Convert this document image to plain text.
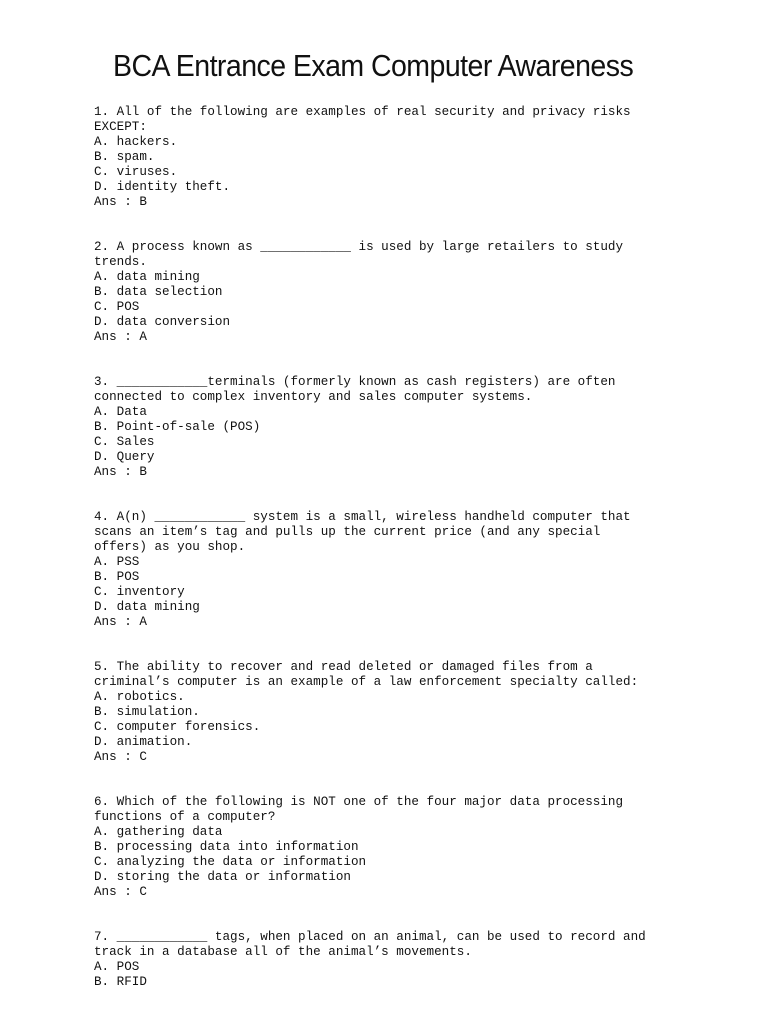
BCA Entrance Exam Computer Awareness
1. All of the following are examples of real security and privacy risks
EXCEPT:
A. hackers.
B. spam.
C. viruses.
D. identity theft.
Ans : B
2. A process known as ____________ is used by large retailers to study
trends.
A. data mining
B. data selection
C. POS
D. data conversion
Ans : A
3. ____________terminals (formerly known as cash registers) are often
connected to complex inventory and sales computer systems.
A. Data
B. Point-of-sale (POS)
C. Sales
D. Query
Ans : B
4. A(n) ____________ system is a small, wireless handheld computer that
scans an item’s tag and pulls up the current price (and any special
offers) as you shop.
A. PSS
B. POS
C. inventory
D. data mining
Ans : A
5. The ability to recover and read deleted or damaged files from a
criminal’s computer is an example of a law enforcement specialty called:
A. robotics.
B. simulation.
C. computer forensics.
D. animation.
Ans : C
6. Which of the following is NOT one of the four major data processing
functions of a computer?
A. gathering data
B. processing data into information
C. analyzing the data or information
D. storing the data or information
Ans : C
7. ____________ tags, when placed on an animal, can be used to record and
track in a database all of the animal’s movements.
A. POS
B. RFID
